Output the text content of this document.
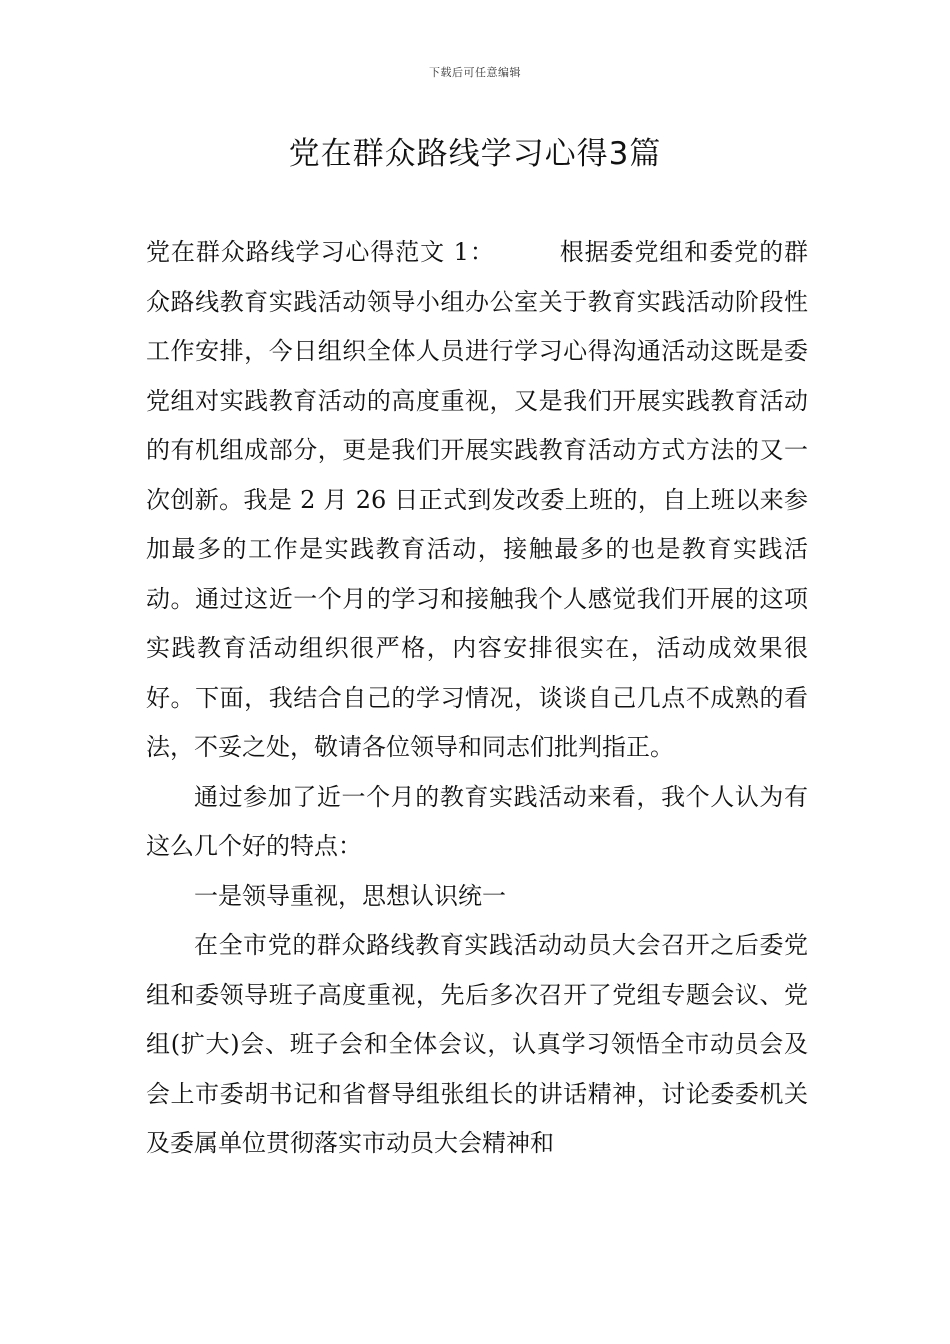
下载后可任意编辑
党在群众路线学习心得3篇

党在群众路线学习心得范文 1：	根据委党组和委党的群众路线教育实践活动领导小组办公室关于教育实践活动阶段性工作安排，今日组织全体人员进行学习心得沟通活动这既是委党组对实践教育活动的高度重视，又是我们开展实践教育活动的有机组成部分，更是我们开展实践教育活动方式方法的又一次创新。我是 2 月 26 日正式到发改委上班的，自上班以来参加最多的工作是实践教育活动，接触最多的也是教育实践活动。通过这近一个月的学习和接触我个人感觉我们开展的这项实践教育活动组织很严格，内容安排很实在，活动成效果很好。下面，我结合自己的学习情况，谈谈自己几点不成熟的看法，不妥之处，敬请各位领导和同志们批判指正。

通过参加了近一个月的教育实践活动来看，我个人认为有这么几个好的特点：

一是领导重视，思想认识统一

在全市党的群众路线教育实践活动动员大会召开之后委党组和委领导班子高度重视，先后多次召开了党组专题会议、党组(扩大)会、班子会和全体会议，认真学习领悟全市动员会及会上市委胡书记和省督导组张组长的讲话精神，讨论委委机关及委属单位贯彻落实市动员大会精神和
